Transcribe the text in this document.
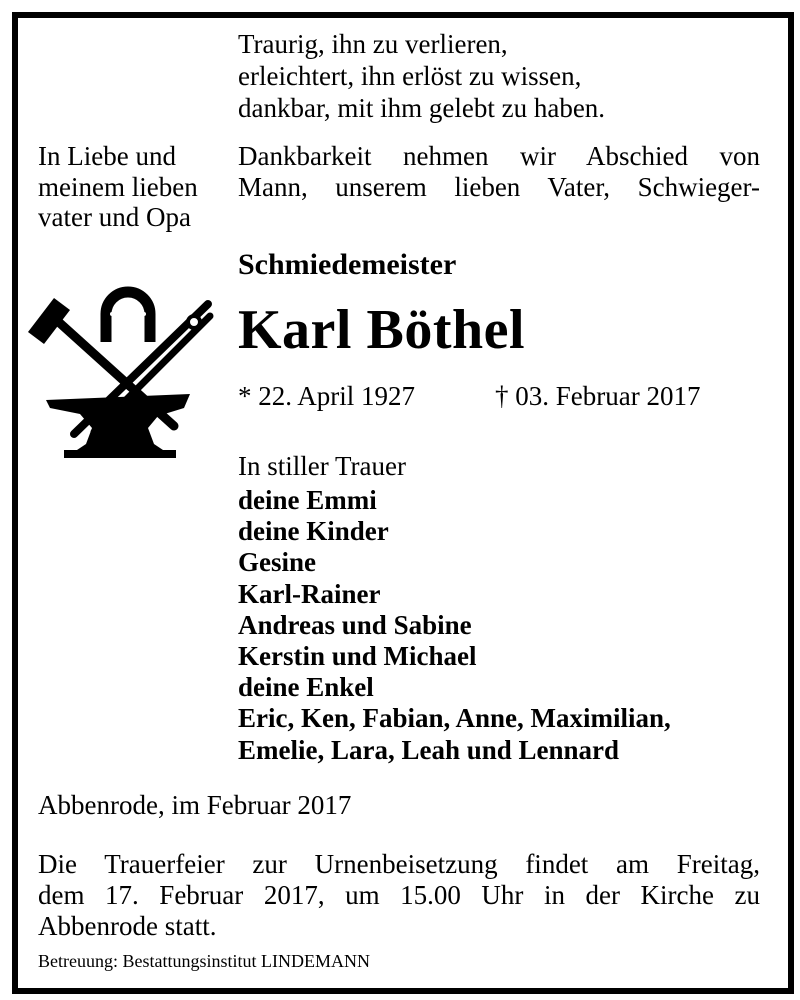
Traurig, ihn zu verlieren,
erleichtert, ihn erlöst zu wissen,
dankbar, mit ihm gelebt zu haben.
In Liebe und Dankbarkeit nehmen wir Abschied von
meinem lieben Mann, unserem lieben Vater, Schwieger-
vater und Opa
Schmiedemeister
Karl Böthel
* 22. April 1927	† 03. Februar 2017
In stiller Trauer
deine Emmi
deine Kinder
Gesine
Karl-Rainer
Andreas und Sabine
Kerstin und Michael
deine Enkel
Eric, Ken, Fabian, Anne, Maximilian,
Emelie, Lara, Leah und Lennard
Abbenrode, im Februar 2017
Die Trauerfeier zur Urnenbeisetzung findet am Freitag,
dem 17. Februar 2017, um 15.00 Uhr in der Kirche zu
Abbenrode statt.
Betreuung: Bestattungsinstitut LINDEMANN
